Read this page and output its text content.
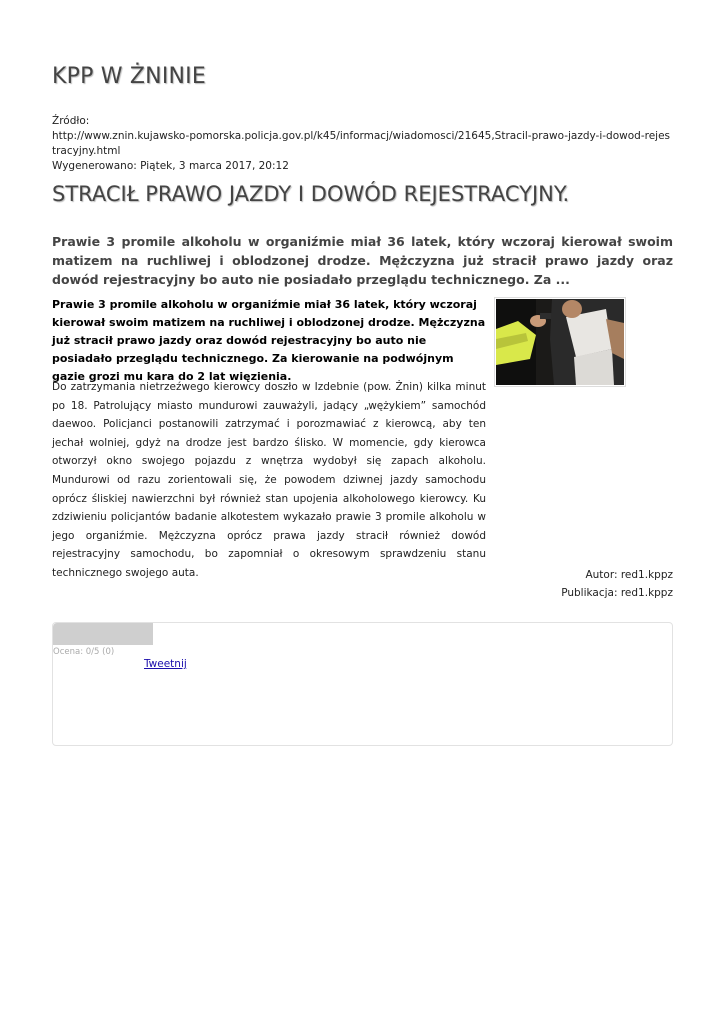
KPP W ŻNINIE
Źródło:
http://www.znin.kujawsko-pomorska.policja.gov.pl/k45/informacj/wiadomosci/21645,Stracil-prawo-jazdy-i-dowod-rejestracyjny.html
Wygenerowano: Piątek, 3 marca 2017, 20:12
STRACIŁ PRAWO JAZDY I DOWÓD REJESTRACYJNY.

Prawie 3 promile alkoholu w organiźmie miał 36 latek, który wczoraj kierował swoim matizem na ruchliwej i oblodzonej drodze. Mężczyzna już stracił prawo jazdy oraz dowód rejestracyjny bo auto nie posiadało przeglądu technicznego. Za ...

Prawie 3 promile alkoholu w organiźmie miał 36 latek, który wczoraj kierował swoim matizem na ruchliwej i oblodzonej drodze. Mężczyzna już stracił prawo jazdy oraz dowód rejestracyjny bo auto nie posiadało przeglądu technicznego. Za kierowanie na podwójnym gazie grozi mu kara do 2 lat więzienia.

Do zatrzymania nietrzeźwego kierowcy doszło w Izdebnie (pow. Żnin) kilka minut po 18. Patrolujący miasto mundurowi zauważyli, jadący „wężykiem” samochód daewoo. Policjanci postanowili zatrzymać i porozmawiać z kierowcą, aby ten jechał wolniej, gdyż na drodze jest bardzo ślisko. W momencie, gdy kierowca otworzył okno swojego pojazdu z wnętrza wydobył się zapach alkoholu. Mundurowi od razu zorientowali się, że powodem dziwnej jazdy samochodu oprócz śliskiej nawierzchni był również stan upojenia alkoholowego kierowcy. Ku zdziwieniu policjantów badanie alkotestem wykazało prawie 3 promile alkoholu w jego organiźmie. Mężczyzna oprócz prawa jazdy stracił również dowód rejestracyjny samochodu, bo zapomniał o okresowym sprawdzeniu stanu technicznego swojego auta.	Autor: red1.kppz
Publikacja: red1.kppz
Ocena: 0/5 (0)
Tweetnij
